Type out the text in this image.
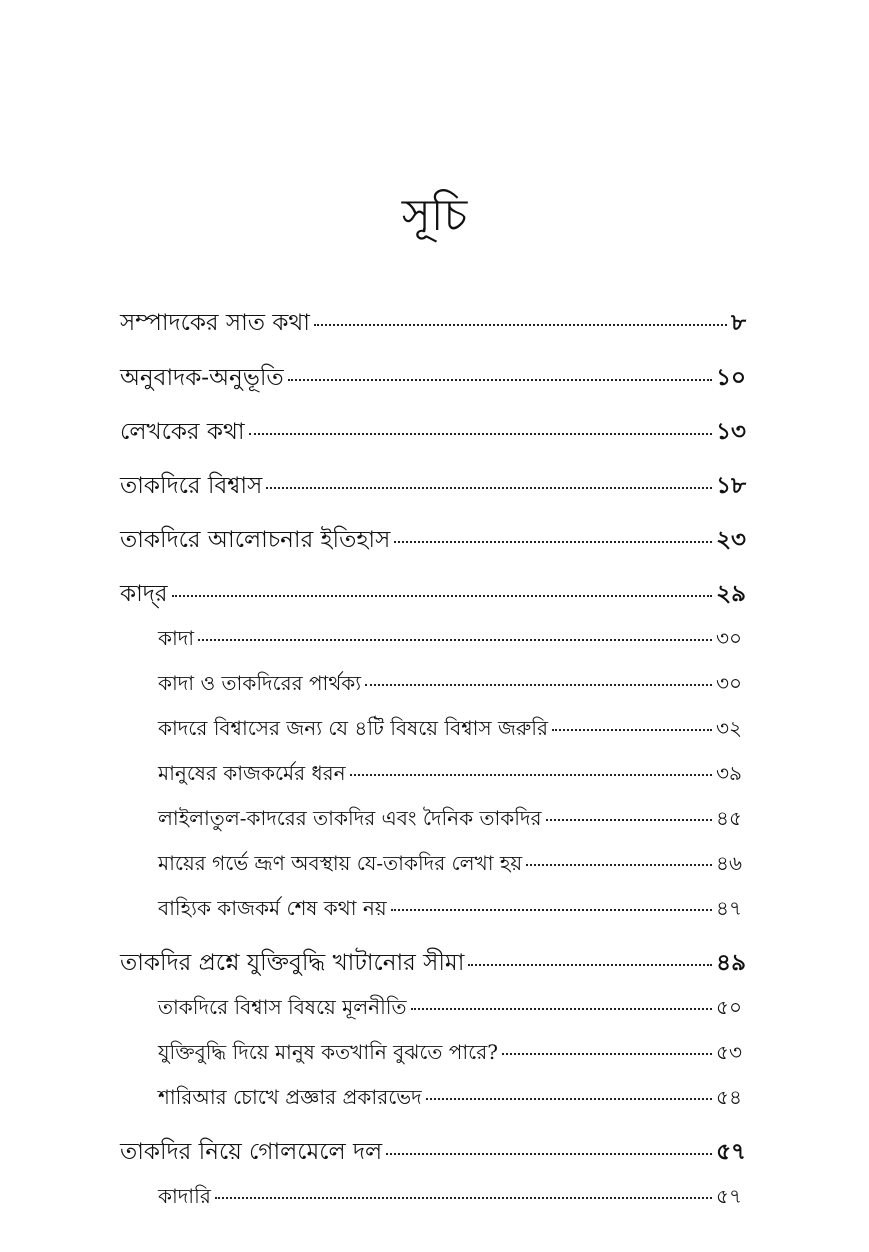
সূচি
সম্পাদকের সাত কথা	৮
অনুবাদক-অনুভূতি	১০
লেখকের কথা	১৩
তাকদিরে বিশ্বাস	১৮
তাকদিরে আলোচনার ইতিহাস	২৩
কাদ্‌র	২৯
কাদা	৩০
কাদা ও তাকদিরের পার্থক্য	৩০
কাদরে বিশ্বাসের জন্য যে ৪টি বিষয়ে বিশ্বাস জরুরি	৩২
মানুষের কাজকর্মের ধরন	৩৯
লাইলাতুল-কাদরের তাকদির এবং দৈনিক তাকদির	৪৫
মায়ের গর্ভে ভ্রূণ অবস্থায় যে-তাকদির লেখা হয়	৪৬
বাহ্যিক কাজকর্ম শেষ কথা নয়	৪৭
তাকদির প্রশ্নে যুক্তিবুদ্ধি খাটানোর সীমা	৪৯
তাকদিরে বিশ্বাস বিষয়ে মূলনীতি	৫০
যুক্তিবুদ্ধি দিয়ে মানুষ কতখানি বুঝতে পারে?	৫৩
শারিআর চোখে প্রজ্ঞার প্রকারভেদ	৫৪
তাকদির নিয়ে গোলমেলে দল	৫৭
কাদারি	৫৭
